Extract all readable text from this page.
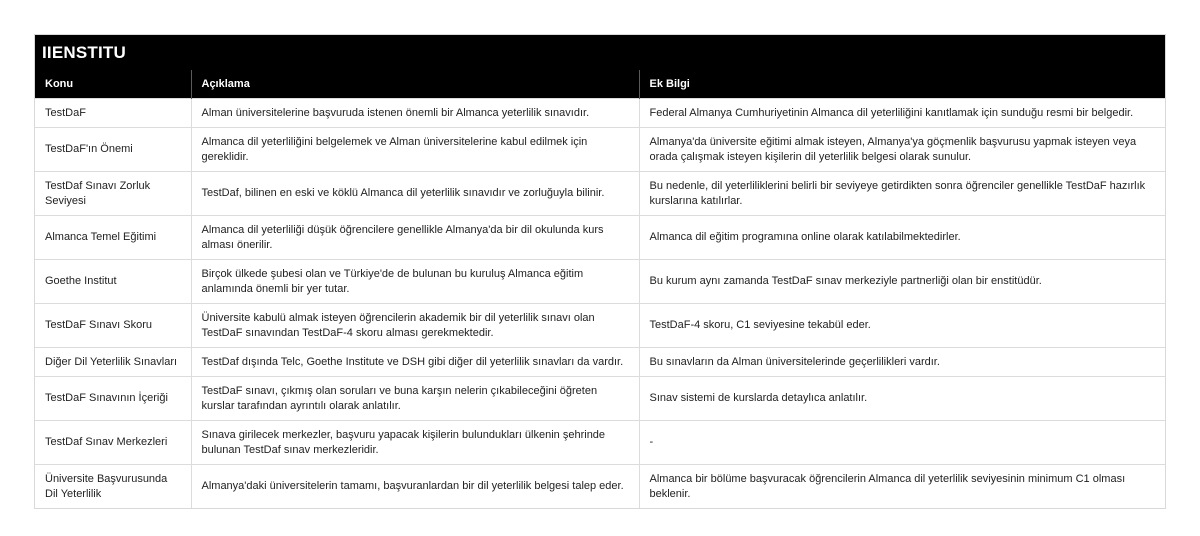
IIENSTITU
Konu	Açıklama	Ek Bilgi
TestDaF	Alman üniversitelerine başvuruda istenen önemli bir Almanca yeterlilik sınavıdır.	Federal Almanya Cumhuriyetinin Almanca dil yeterliliğini kanıtlamak için sunduğu resmi bir belgedir.
TestDaF'ın Önemi	Almanca dil yeterliliğini belgelemek ve Alman üniversitelerine kabul edilmek için gereklidir.	Almanya'da üniversite eğitimi almak isteyen, Almanya'ya göçmenlik başvurusu yapmak isteyen veya orada çalışmak isteyen kişilerin dil yeterlilik belgesi olarak sunulur.
TestDaf Sınavı Zorluk Seviyesi	TestDaf, bilinen en eski ve köklü Almanca dil yeterlilik sınavıdır ve zorluğuyla bilinir.	Bu nedenle, dil yeterliliklerini belirli bir seviyeye getirdikten sonra öğrenciler genellikle TestDaF hazırlık kurslarına katılırlar.
Almanca Temel Eğitimi	Almanca dil yeterliliği düşük öğrencilere genellikle Almanya'da bir dil okulunda kurs alması önerilir.	Almanca dil eğitim programına online olarak katılabilmektedirler.
Goethe Institut	Birçok ülkede şubesi olan ve Türkiye'de de bulunan bu kuruluş Almanca eğitim anlamında önemli bir yer tutar.	Bu kurum aynı zamanda TestDaF sınav merkeziyle partnerliği olan bir enstitüdür.
TestDaF Sınavı Skoru	Üniversite kabulü almak isteyen öğrencilerin akademik bir dil yeterlilik sınavı olan TestDaF sınavından TestDaF-4 skoru alması gerekmektedir.	TestDaF-4 skoru, C1 seviyesine tekabül eder.
Diğer Dil Yeterlilik Sınavları	TestDaf dışında Telc, Goethe Institute ve DSH gibi diğer dil yeterlilik sınavları da vardır.	Bu sınavların da Alman üniversitelerinde geçerlilikleri vardır.
TestDaF Sınavının İçeriği	TestDaF sınavı, çıkmış olan soruları ve buna karşın nelerin çıkabileceğini öğreten kurslar tarafından ayrıntılı olarak anlatılır.	Sınav sistemi de kurslarda detaylıca anlatılır.
TestDaf Sınav Merkezleri	Sınava girilecek merkezler, başvuru yapacak kişilerin bulundukları ülkenin şehrinde bulunan TestDaf sınav merkezleridir.	-
Üniversite Başvurusunda Dil Yeterlilik	Almanya'daki üniversitelerin tamamı, başvuranlardan bir dil yeterlilik belgesi talep eder.	Almanca bir bölüme başvuracak öğrencilerin Almanca dil yeterlilik seviyesinin minimum C1 olması beklenir.
